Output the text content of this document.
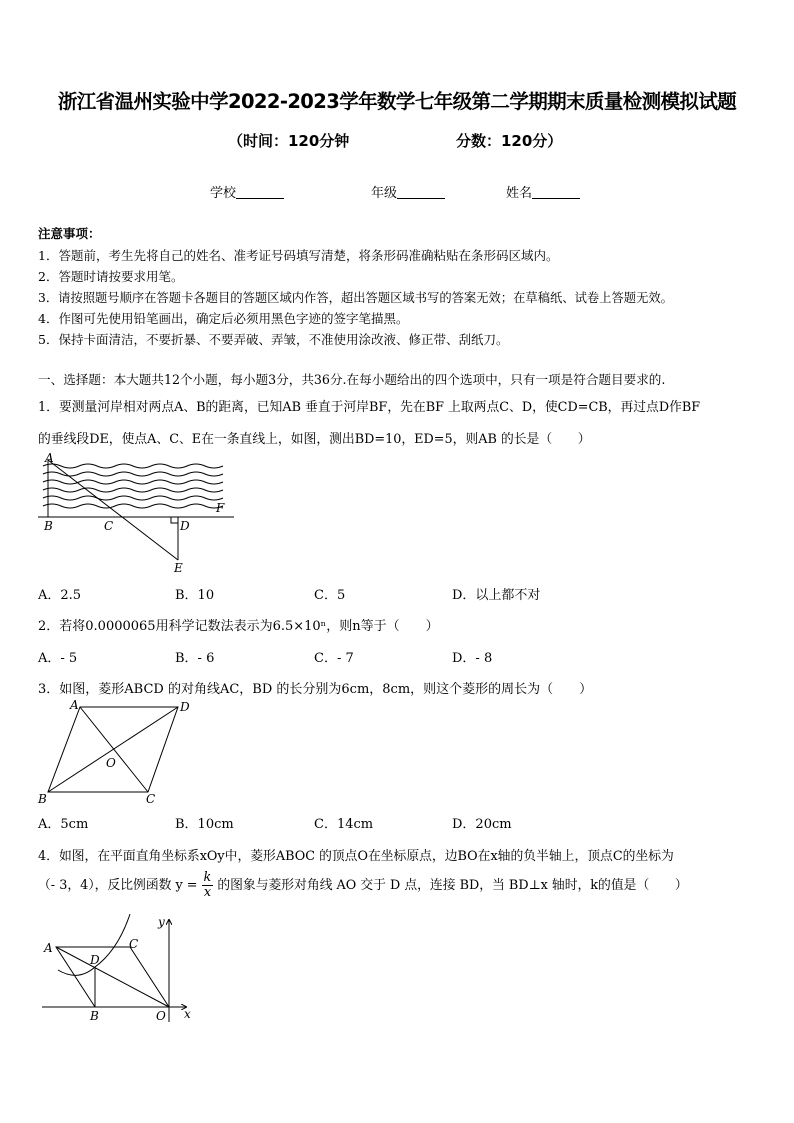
浙江省温州实验中学2022-2023学年数学七年级第二学期期末质量检测模拟试题
（时间：120分钟	分数：120分）
学校	年级	姓名
注意事项：
1．答题前，考生先将自己的姓名、准考证号码填写清楚，将条形码准确粘贴在条形码区域内。
2．答题时请按要求用笔。
3．请按照题号顺序在答题卡各题目的答题区域内作答，超出答题区域书写的答案无效；在草稿纸、试卷上答题无效。
4．作图可先使用铅笔画出，确定后必须用黑色字迹的签字笔描黑。
5．保持卡面清洁，不要折暴、不要弄破、弄皱，不准使用涂改液、修正带、刮纸刀。
一、选择题：本大题共12个小题，每小题3分，共36分.在每小题给出的四个选项中，只有一项是符合题目要求的.
1．要测量河岸相对两点A、B的距离，已知AB 垂直于河岸BF，先在BF 上取两点C、D，使CD=CB，再过点D作BF
的垂线段DE，使点A、C、E在一条直线上，如图，测出BD=10，ED=5，则AB 的长是（　　）
A
B	C	D
E
F
A．2.5	B．10	C．5	D．以上都不对
2．若将0.0000065用科学记数法表示为6.5×10ⁿ，则n等于（　　）
A．- 5	B．- 6	C．- 7	D．- 8
3．如图，菱形ABCD 的对角线AC，BD 的长分别为6cm，8cm，则这个菱形的周长为（　　）
A	D
B	C
O
A．5cm	B．10cm	C．14cm	D．20cm
4．如图，在平面直角坐标系xOy中，菱形ABOC 的顶点O在坐标原点，边BO在x轴的负半轴上，顶点C的坐标为
（- 3，4），反比例函数 $y = \frac{k}{x}$ 的图象与菱形对角线 AO 交于 D 点，连接 BD，当 BD⊥x 轴时，k的值是（　　）
A
D
C
B	O x
y
